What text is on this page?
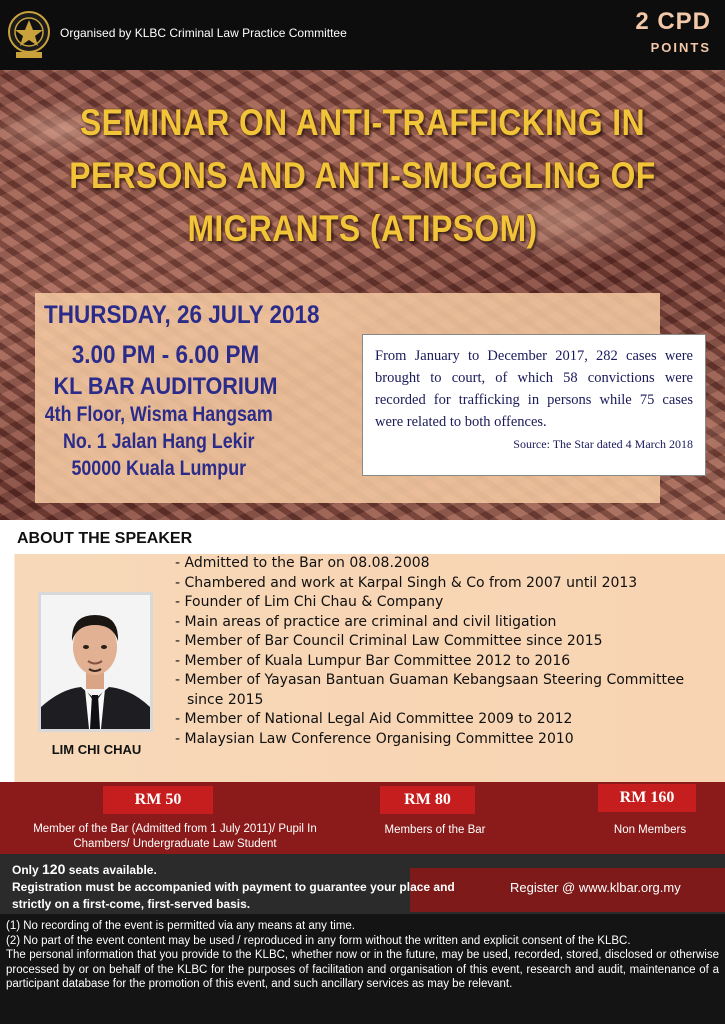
Organised by KLBC Criminal Law Practice Committee	2 CPD
POINTS
SEMINAR ON ANTI-TRAFFICKING IN
PERSONS AND ANTI-SMUGGLING OF
MIGRANTS (ATIPSOM)
THURSDAY, 26 JULY 2018
3.00 PM - 6.00 PM
KL BAR AUDITORIUM
4th Floor, Wisma Hangsam
No. 1 Jalan Hang Lekir
50000 Kuala Lumpur

From January to December 2017, 282 cases were brought to court, of which 58 convictions were recorded for trafficking in persons while 75 cases were related to both offences.

Source: The Star dated 4 March 2018

ABOUT THE SPEAKER
LIM CHI CHAU
- Admitted to the Bar on 08.08.2008
- Chambered and work at Karpal Singh & Co from 2007 until 2013
- Founder of Lim Chi Chau & Company
- Main areas of practice are criminal and civil litigation
- Member of Bar Council Criminal Law Committee since 2015
- Member of Kuala Lumpur Bar Committee 2012 to 2016
- Member of Yayasan Bantuan Guaman Kebangsaan Steering Committee since 2015
- Member of National Legal Aid Committee 2009 to 2012
- Malaysian Law Conference Organising Committee 2010
RM 50	RM 80	RM 160
Member of the Bar (Admitted from 1 July 2011)/ Pupil In Chambers/ Undergraduate Law Student
Members of the Bar	Non Members
Only 120 seats available.
Registration must be accompanied with payment to guarantee your place and strictly on a first-come, first-served basis.
Register @ www.klbar.org.my
(1) No recording of the event is permitted via any means at any time.
(2) No part of the event content may be used / reproduced in any form without the written and explicit consent of the KLBC.
The personal information that you provide to the KLBC, whether now or in the future, may be used, recorded, stored, disclosed or otherwise processed by or on behalf of the KLBC for the purposes of facilitation and organisation of this event, research and audit, maintenance of a participant database for the promotion of this event, and such ancillary services as may be relevant.
